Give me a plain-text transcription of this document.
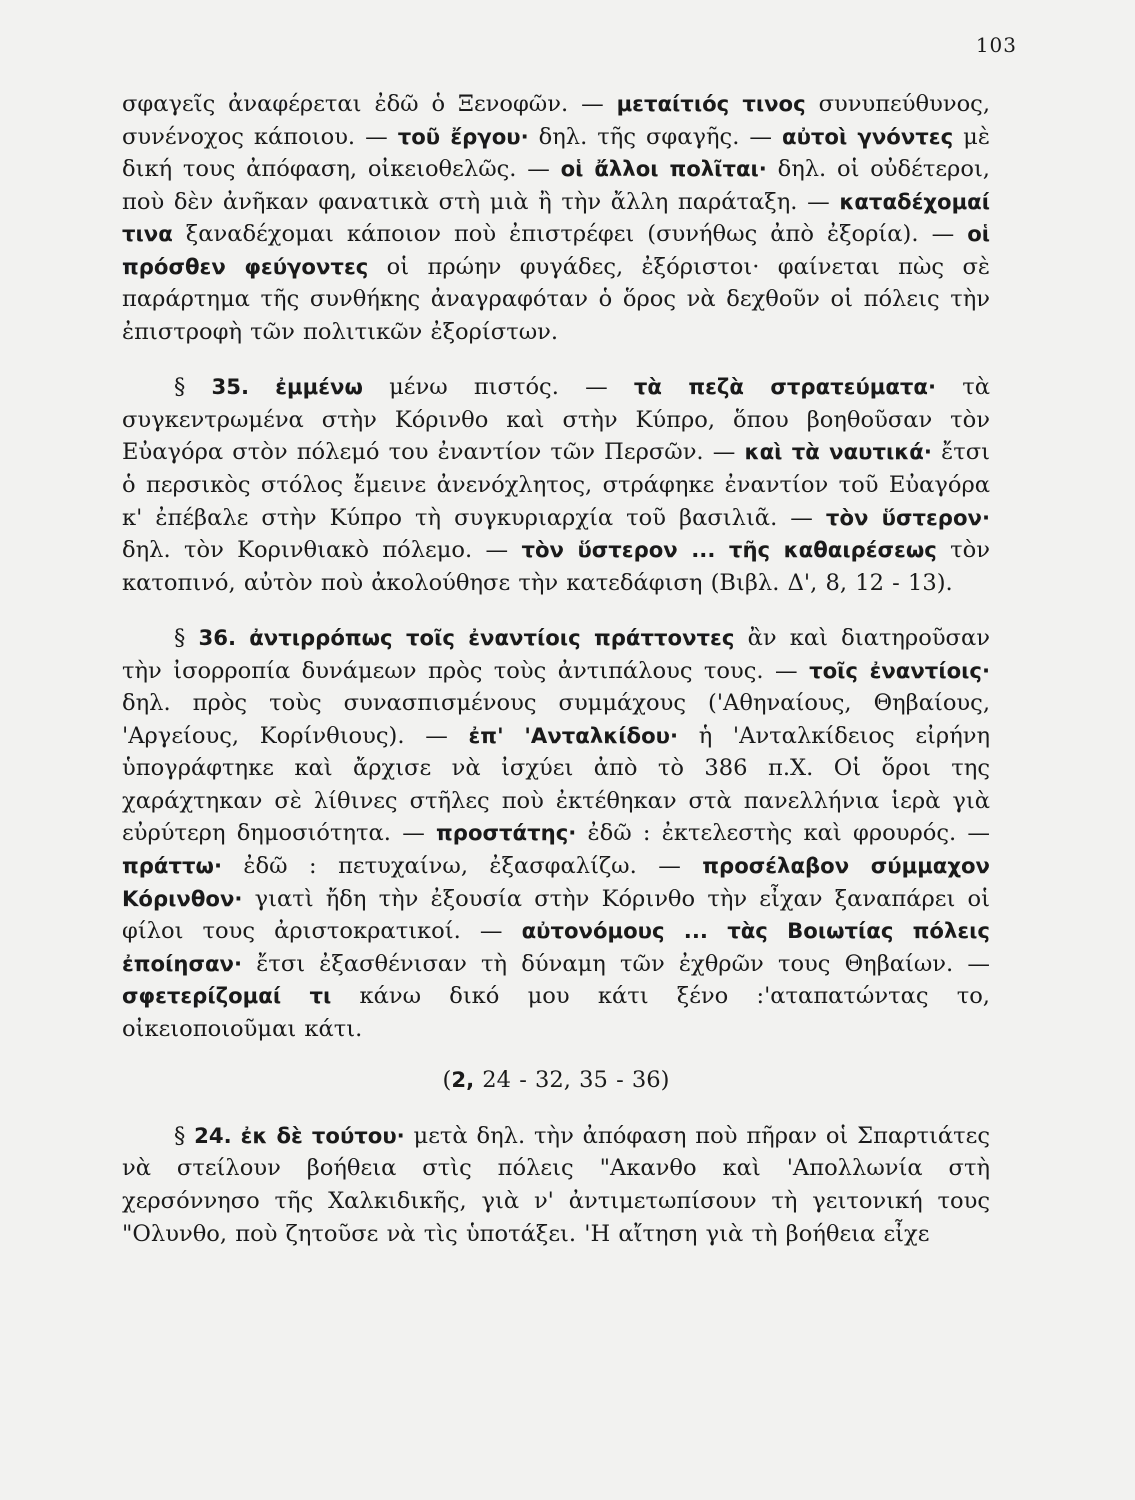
103

σφαγεῖς ἀναφέρεται ἐδῶ ὁ Ξενοφῶν. — μεταίτιός τινος συνυπεύθυνος, συνένοχος κάποιου. — τοῦ ἔργου· δηλ. τῆς σφαγῆς. — αὐτοὶ γνόντες μὲ δική τους ἀπόφαση, οἰκειοθελῶς. — οἱ ἄλλοι πολῖται· δηλ. οἱ οὐδέτεροι, ποὺ δὲν ἀνῆκαν φανατικὰ στὴ μιὰ ἢ τὴν ἄλλη παράταξη. — καταδέχομαί τινα ξαναδέχομαι κάποιον ποὺ ἐπιστρέφει (συνήθως ἀπὸ ἐξορία). — οἱ πρόσθεν φεύγοντες οἱ πρώην φυγάδες, ἐξόριστοι· φαίνεται πὼς σὲ παράρτημα τῆς συνθήκης ἀναγραφόταν ὁ ὅρος νὰ δεχθοῦν οἱ πόλεις τὴν ἐπιστροφὴ τῶν πολιτικῶν ἐξορίστων.

§ 35. ἐμμένω μένω πιστός. — τὰ πεζὰ στρατεύματα· τὰ συγκεντρωμένα στὴν Κόρινθο καὶ στὴν Κύπρο, ὅπου βοηθοῦσαν τὸν Εὐαγόρα στὸν πόλεμό του ἐναντίον τῶν Περσῶν. — καὶ τὰ ναυτικά· ἔτσι ὁ περσικὸς στόλος ἔμεινε ἀνενόχλητος, στράφηκε ἐναντίον τοῦ Εὐαγόρα κ' ἐπέβαλε στὴν Κύπρο τὴ συγκυριαρχία τοῦ βασιλιᾶ. — τὸν ὕστερον· δηλ. τὸν Κορινθιακὸ πόλεμο. — τὸν ὕστερον ... τῆς καθαιρέσεως τὸν κατοπινό, αὐτὸν ποὺ ἀκολούθησε τὴν κατεδάφιση (Βιβλ. Δ', 8, 12 - 13).

§ 36. ἀντιρρόπως τοῖς ἐναντίοις πράττοντες ἂν καὶ διατηροῦσαν τὴν ἰσορροπία δυνάμεων πρὸς τοὺς ἀντιπάλους τους. — τοῖς ἐναντίοις· δηλ. πρὸς τοὺς συνασπισμένους συμμάχους ('Αθηναίους, Θηβαίους, 'Αργείους, Κορίνθιους). — ἐπ' 'Ανταλκίδου· ἡ 'Ανταλκίδειος εἰρήνη ὑπογράφτηκε καὶ ἄρχισε νὰ ἰσχύει ἀπὸ τὸ 386 π.Χ. Οἱ ὅροι της χαράχτηκαν σὲ λίθινες στῆλες ποὺ ἐκτέθηκαν στὰ πανελλήνια ἱερὰ γιὰ εὐρύτερη δημοσιότητα. — προστάτης· ἐδῶ : ἐκτελεστὴς καὶ φρουρός. — πράττω· ἐδῶ : πετυχαίνω, ἐξασφαλίζω. — προσέλαβον σύμμαχον Κόρινθον· γιατὶ ἤδη τὴν ἐξουσία στὴν Κόρινθο τὴν εἶχαν ξαναπάρει οἱ φίλοι τους ἀριστοκρατικοί. — αὐτονόμους ... τὰς Βοιωτίας πόλεις ἐποίησαν· ἔτσι ἐξασθένισαν τὴ δύναμη τῶν ἐχθρῶν τους Θηβαίων. — σφετερίζομαί τι κάνω δικό μου κάτι ξένο :'αταπατώντας το, οἰκειοποιοῦμαι κάτι.

(2, 24 - 32, 35 - 36)

§ 24. ἐκ δὲ τούτου· μετὰ δηλ. τὴν ἀπόφαση ποὺ πῆραν οἱ Σπαρτιάτες νὰ στείλουν βοήθεια στὶς πόλεις "Ακανθο καὶ 'Απολλωνία στὴ χερσόννησο τῆς Χαλκιδικῆς, γιὰ ν' ἀντιμετωπίσουν τὴ γειτονική τους "Ολυνθο, ποὺ ζητοῦσε νὰ τὶς ὑποτάξει. 'Η αἴτηση γιὰ τὴ βοήθεια εἶχε
